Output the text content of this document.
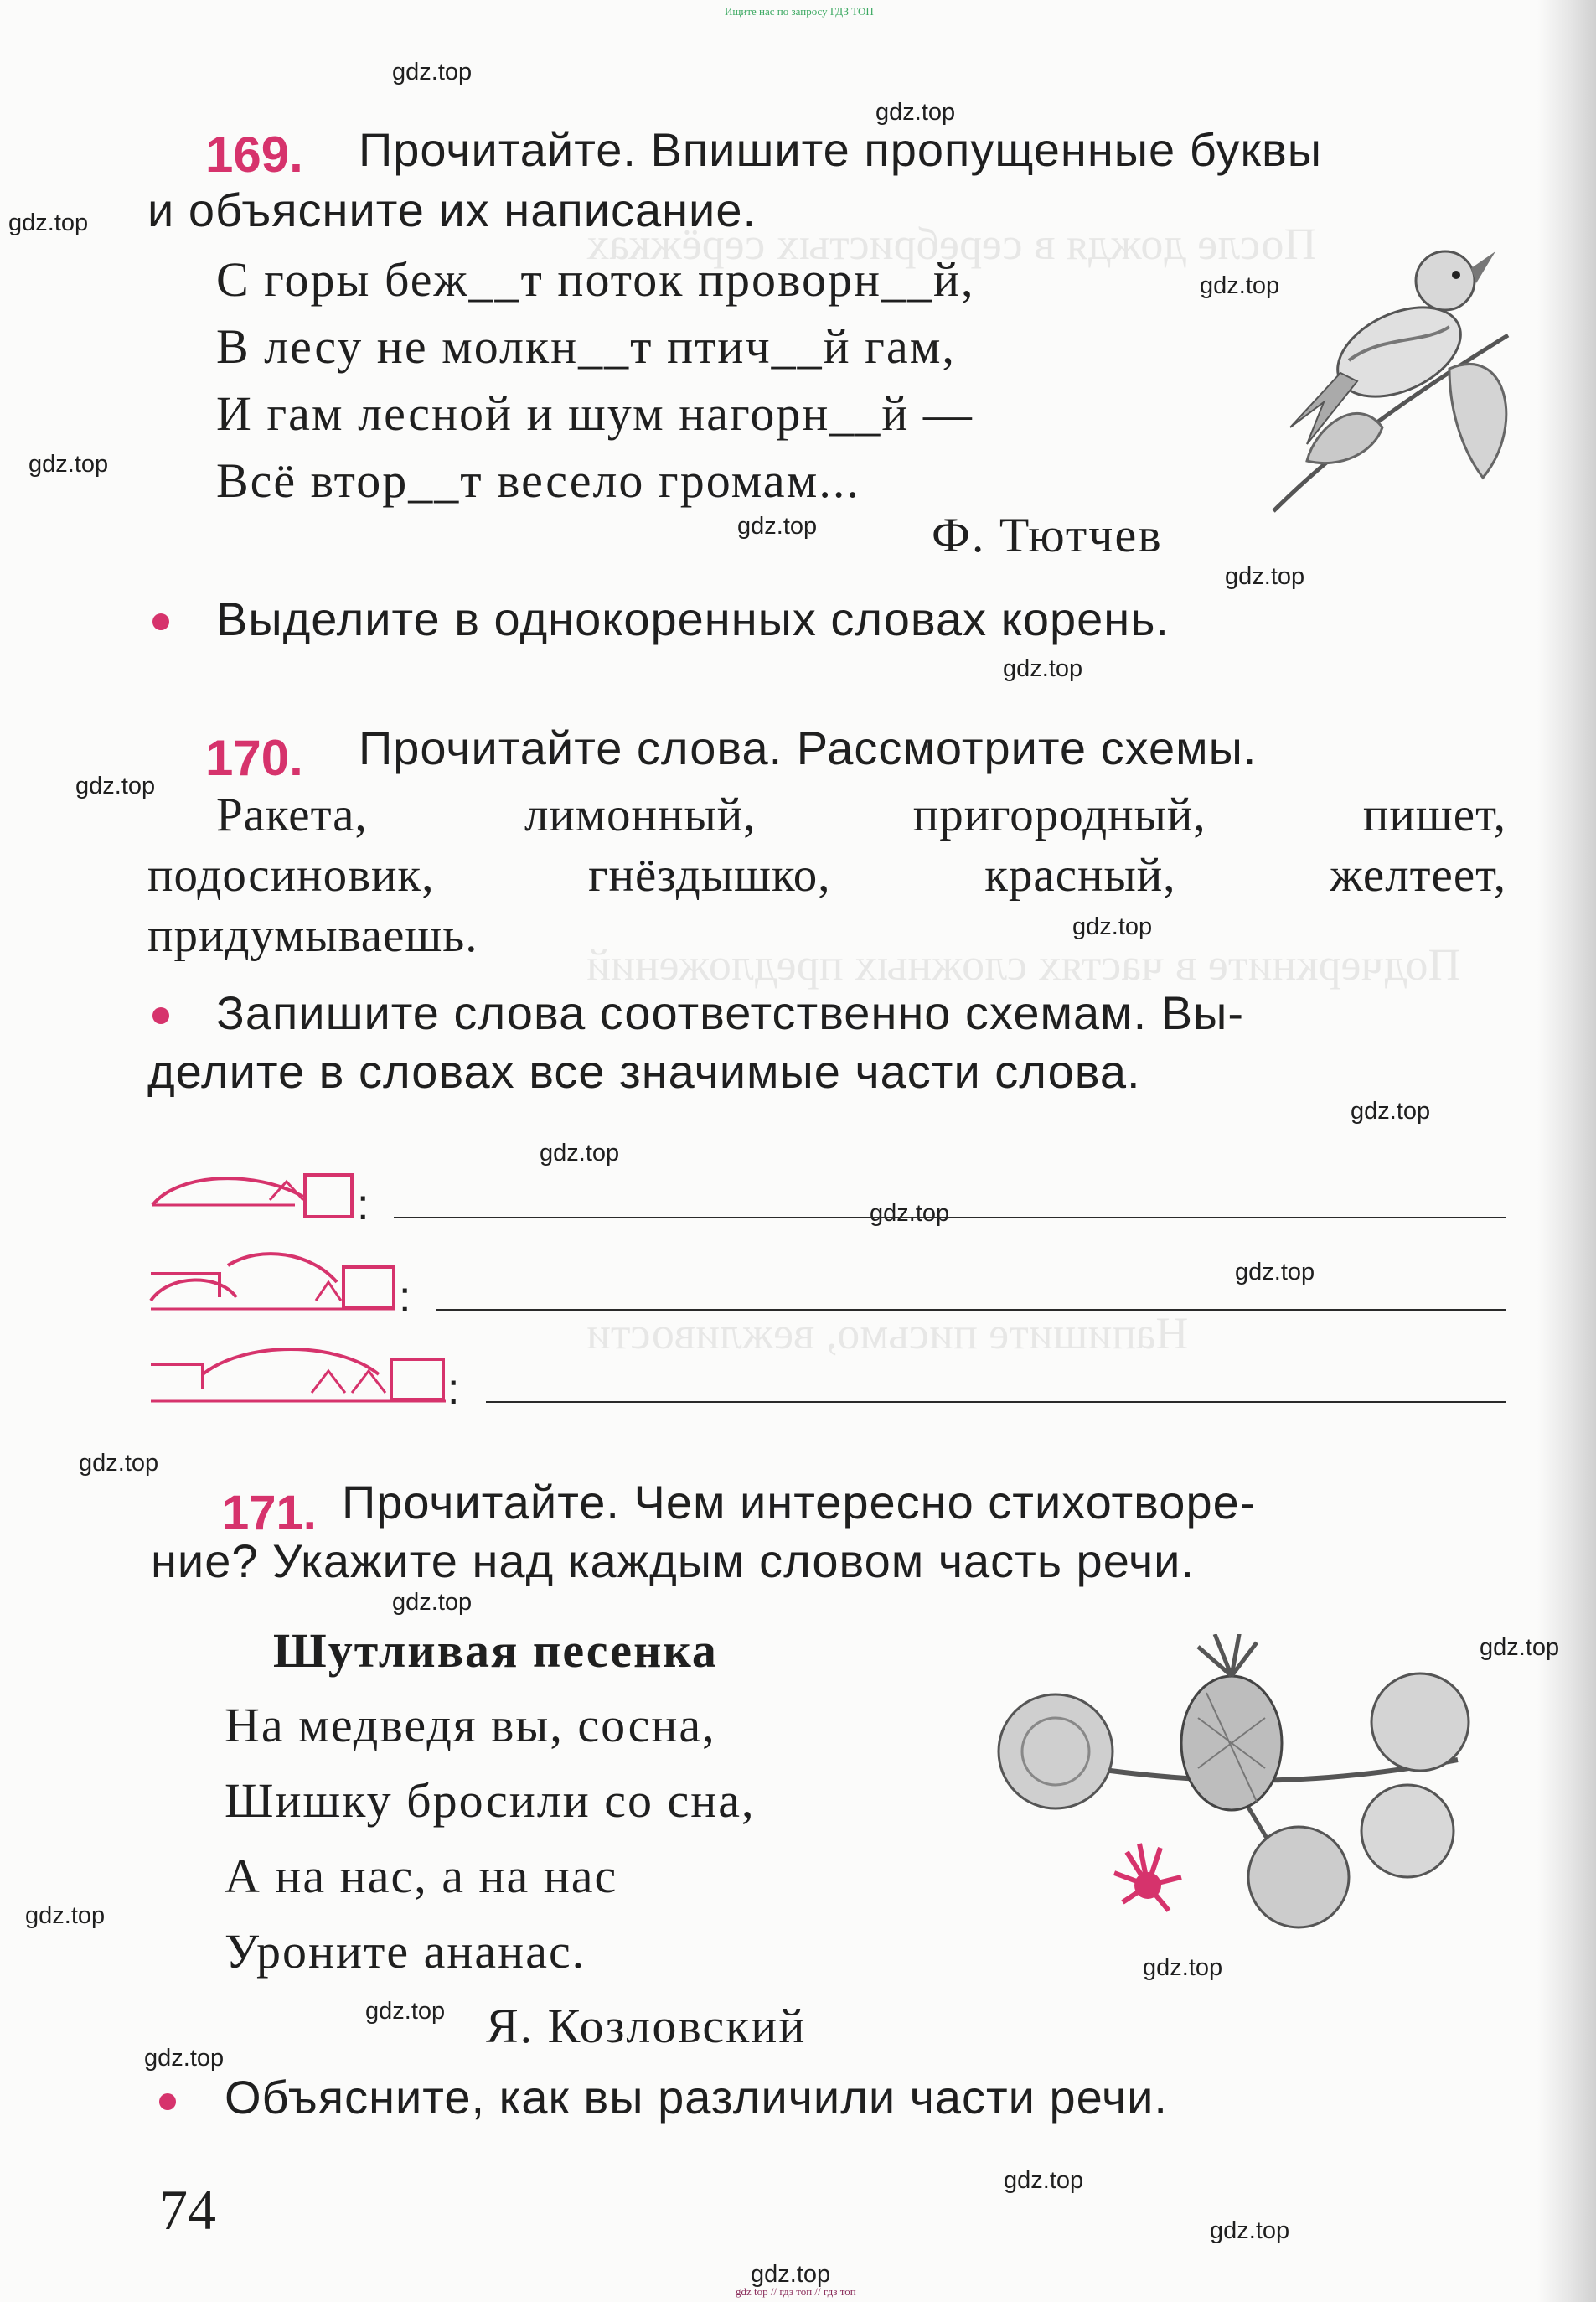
После дождя в серебристых серёжках
Подчеркните в частях сложных предложений
Напишите письмо, вежливости
Ищите нас по запросу ГДЗ ТОП
gdz.top
gdz.top
gdz.top
gdz.top
gdz.top
gdz.top
gdz.top
gdz.top
gdz.top
gdz.top
gdz.top
gdz.top
gdz.top
gdz.top
gdz.top
gdz.top
gdz.top
gdz.top
gdz.top
gdz.top
gdz.top
gdz.top
gdz.top
gdz.top
169. Прочитайте. Впишите пропущенные буквы
и объясните их написание.
С горы беж__т поток проворн__й,
В лесу не молкн__т птич__й гам,
И гам лесной и шум нагорн__й —
Всё втор__т весело громам...
Ф. Тютчев
Выделите в однокоренных словах корень.
170. Прочитайте слова. Рассмотрите схемы.
Ракета,	лимонный,	пригородный,	пишет,
подосиновик,	гнёздышко,	красный,	желтеет,
придумываешь.
Запишите слова соответственно схемам. Вы-
делите в словах все значимые части слова.
:
:
:
171. Прочитайте. Чем интересно стихотворе-
ние? Укажите над каждым словом часть речи.
Шутливая песенка
На медведя вы, сосна,
Шишку бросили со сна,
А на нас, а на нас
Уроните ананас.
Я. Козловский
Объясните, как вы различили части речи.
74
gdz top // гдз топ // гдз топ
